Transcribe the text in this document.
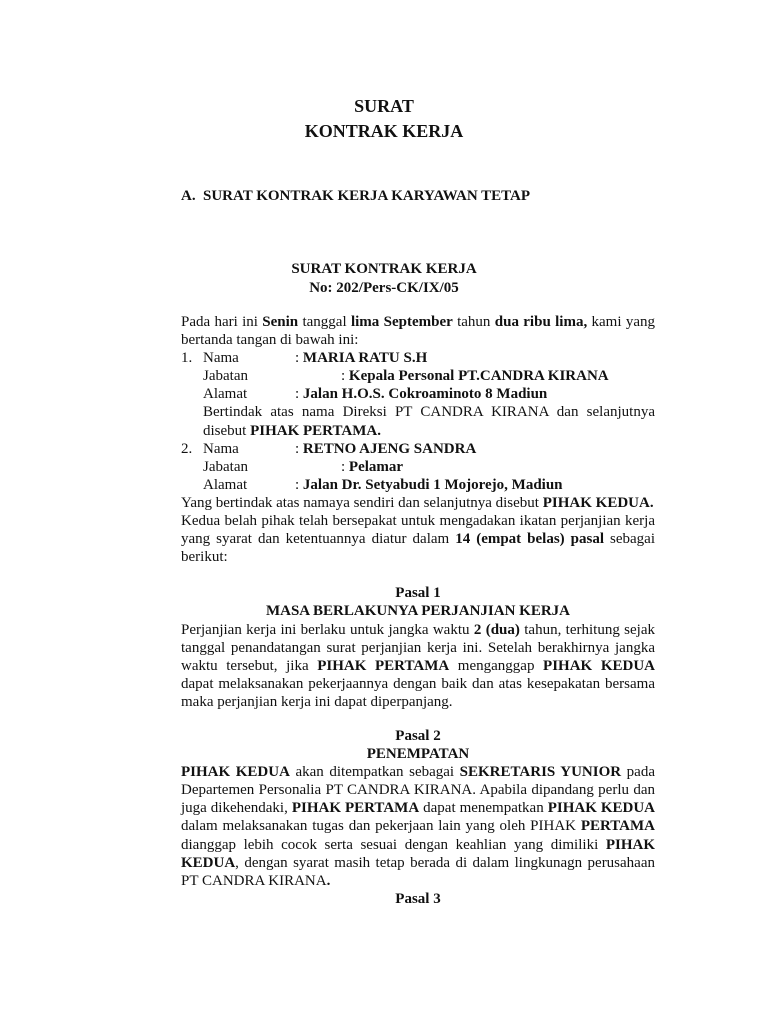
SURAT
KONTRAK KERJA
A. SURAT KONTRAK KERJA KARYAWAN TETAP
SURAT KONTRAK KERJA
No: 202/Pers-CK/IX/05

Pada hari ini Senin tanggal lima September tahun dua ribu lima, kami yang bertanda tangan di bawah ini:

1. Nama	: MARIA RATU S.H
Jabatan	: Kepala Personal PT.CANDRA KIRANA
Alamat	: Jalan H.O.S. Cokroaminoto 8 Madiun

Bertindak atas nama Direksi PT CANDRA KIRANA dan selanjutnya disebut PIHAK PERTAMA.

2. Nama	: RETNO AJENG SANDRA
Jabatan	: Pelamar
Alamat	: Jalan Dr. Setyabudi 1 Mojorejo, Madiun

Yang bertindak atas namaya sendiri dan selanjutnya disebut PIHAK KEDUA.

Kedua belah pihak telah bersepakat untuk mengadakan ikatan perjanjian kerja yang syarat dan ketentuannya diatur dalam 14 (empat belas) pasal sebagai berikut:

Pasal 1
MASA BERLAKUNYA PERJANJIAN KERJA

Perjanjian kerja ini berlaku untuk jangka waktu 2 (dua) tahun, terhitung sejak tanggal penandatangan surat perjanjian kerja ini. Setelah berakhirnya jangka waktu tersebut, jika PIHAK PERTAMA menganggap PIHAK KEDUA dapat melaksanakan pekerjaannya dengan baik dan atas kesepakatan bersama maka perjanjian kerja ini dapat diperpanjang.

Pasal 2
PENEMPATAN

PIHAK KEDUA akan ditempatkan sebagai SEKRETARIS YUNIOR pada Departemen Personalia PT CANDRA KIRANA. Apabila dipandang perlu dan juga dikehendaki, PIHAK PERTAMA dapat menempatkan PIHAK KEDUA dalam melaksanakan tugas dan pekerjaan lain yang oleh PIHAK PERTAMA dianggap lebih cocok serta sesuai dengan keahlian yang dimiliki PIHAK KEDUA, dengan syarat masih tetap berada di dalam lingkunagn perusahaan PT CANDRA KIRANA.

Pasal 3
